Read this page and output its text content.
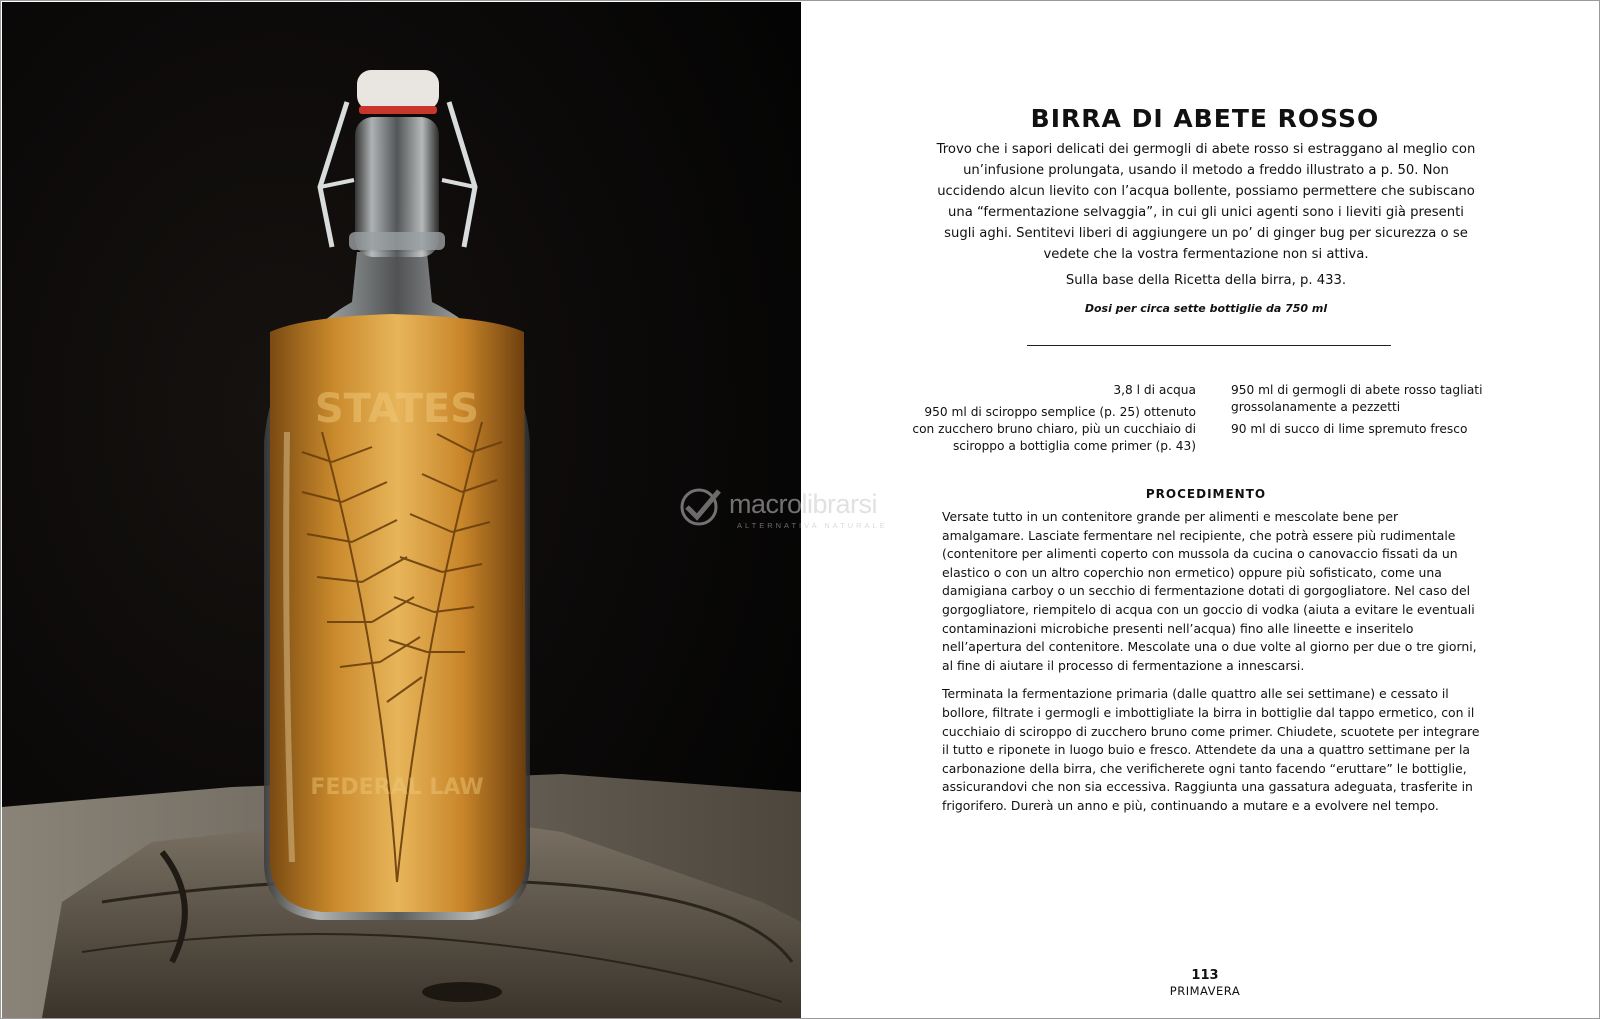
STATES
FEDERAL LAW
BIRRA DI ABETE ROSSO
Trovo che i sapori delicati dei germogli di abete rosso si estraggano al meglio con un’infusione prolungata, usando il metodo a freddo illustrato a p. 50. Non uccidendo alcun lievito con l’acqua bollente, possiamo permettere che subiscano una “fermentazione selvaggia”, in cui gli unici agenti sono i lieviti già presenti sugli aghi. Sentitevi liberi di aggiungere un po’ di ginger bug per sicurezza o se vedete che la vostra fermentazione non si attiva.
Sulla base della Ricetta della birra, p. 433.
Dosi per circa sette bottiglie da 750 ml
3,8 l di acqua
950 ml di sciroppo semplice (p. 25) ottenuto con zucchero bruno chiaro, più un cucchiaio di sciroppo a bottiglia come primer (p. 43)
950 ml di germogli di abete rosso tagliati grossolanamente a pezzetti
90 ml di succo di lime spremuto fresco
PROCEDIMENTO

Versate tutto in un contenitore grande per alimenti e mescolate bene per amalgamare. Lasciate fermentare nel recipiente, che potrà essere più rudimentale (contenitore per alimenti coperto con mussola da cucina o canovaccio fissati da un elastico o con un altro coperchio non ermetico) oppure più sofisticato, come una damigiana carboy o un secchio di fermentazione dotati di gorgogliatore. Nel caso del gorgogliatore, riempitelo di acqua con un goccio di vodka (aiuta a evitare le eventuali contaminazioni microbiche presenti nell’acqua) fino alle lineette e inseritelo nell’apertura del contenitore. Mescolate una o due volte al giorno per due o tre giorni, al fine di aiutare il processo di fermentazione a innescarsi.

Terminata la fermentazione primaria (dalle quattro alle sei settimane) e cessato il bollore, filtrate i germogli e imbottigliate la birra in bottiglie dal tappo ermetico, con il cucchiaio di sciroppo di zucchero bruno come primer. Chiudete, scuotete per integrare il tutto e riponete in luogo buio e fresco. Attendete da una a quattro settimane per la carbonazione della birra, che verificherete ogni tanto facendo “eruttare” le bottiglie, assicurandovi che non sia eccessiva. Raggiunta una gassatura adeguata, trasferite in frigorifero. Durerà un anno e più, continuando a mutare e a evolvere nel tempo.

113
PRIMAVERA
macrolibrarsi
ALTERNATIVA NATURALE
